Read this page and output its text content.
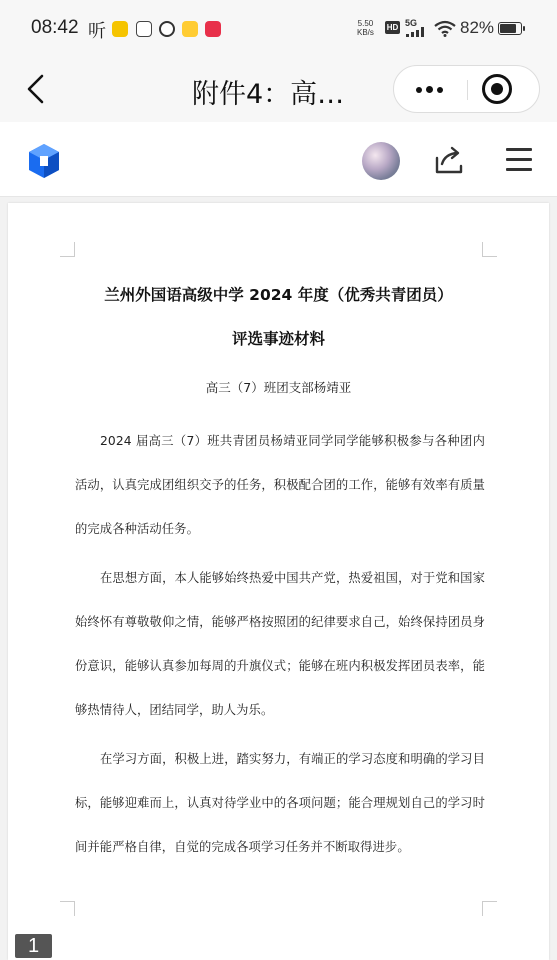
08:42 听	5.50
KB/s
HD 5G	82%
附件4：高…
兰州外国语高级中学 2024 年度（优秀共青团员）
评选事迹材料
高三（7）班团支部杨靖亚
2024 届高三（7）班共青团员杨靖亚同学同学能够积极参与各种团内活动，认真完成团组织交予的任务，积极配合团的工作，能够有效率有质量的完成各种活动任务。
在思想方面，本人能够始终热爱中国共产党，热爱祖国，对于党和国家始终怀有尊敬敬仰之情，能够严格按照团的纪律要求自己，始终保持团员身份意识，能够认真参加每周的升旗仪式；能够在班内积极发挥团员表率，能够热情待人，团结同学，助人为乐。
在学习方面，积极上进，踏实努力，有端正的学习态度和明确的学习目标，能够迎难而上，认真对待学业中的各项问题；能合理规划自己的学习时间并能严格自律，自觉的完成各项学习任务并不断取得进步。
1
